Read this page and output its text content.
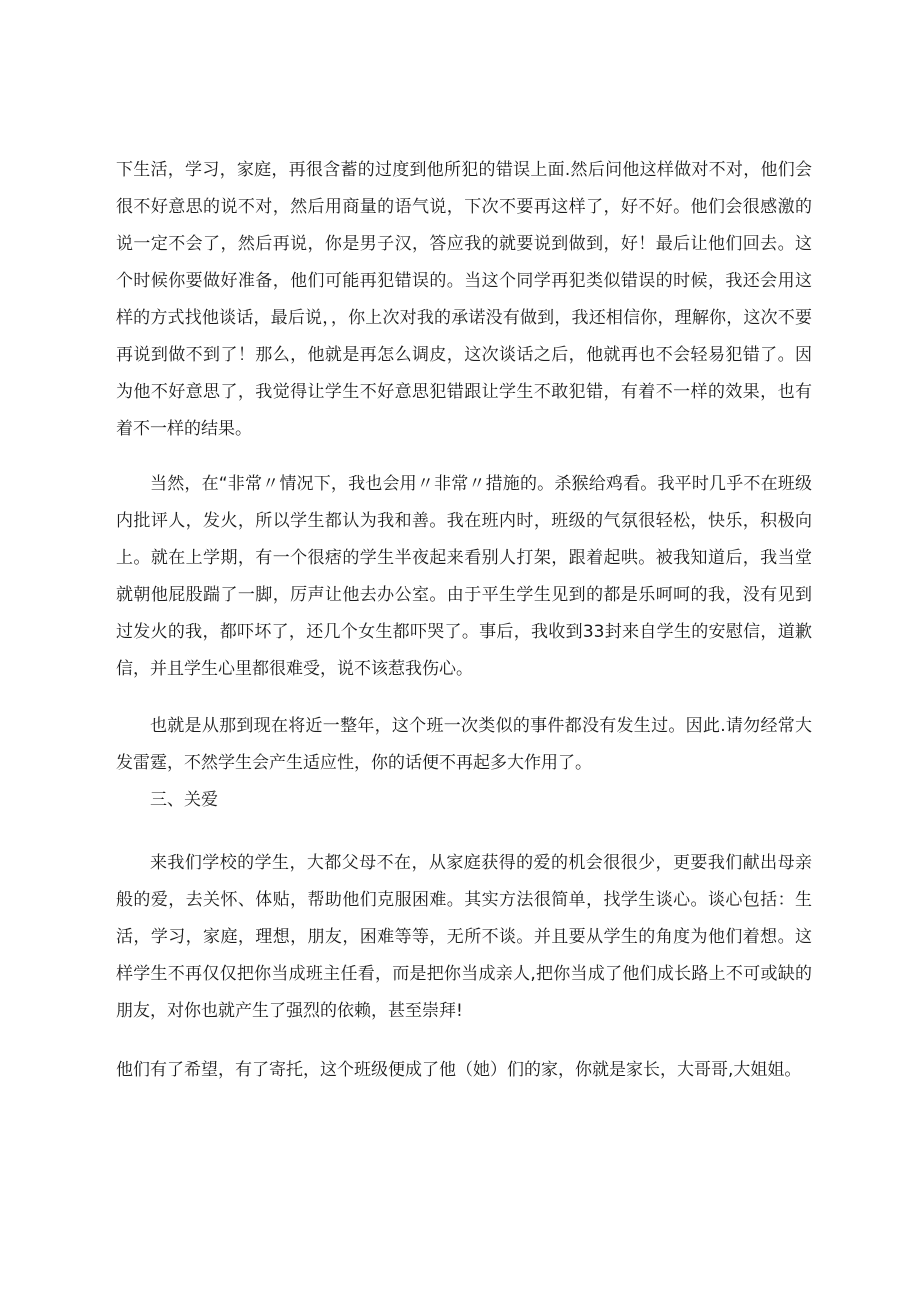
下生活，学习，家庭，再很含蓄的过度到他所犯的错误上面.然后问他这样做对不对，他们会很不好意思的说不对，然后用商量的语气说，下次不要再这样了，好不好。他们会很感激的说一定不会了，然后再说，你是男子汉，答应我的就要说到做到，好！最后让他们回去。这个时候你要做好准备，他们可能再犯错误的。当这个同学再犯类似错误的时候，我还会用这样的方式找他谈话，最后说，，你上次对我的承诺没有做到，我还相信你，理解你，这次不要再说到做不到了！那么，他就是再怎么调皮，这次谈话之后，他就再也不会轻易犯错了。因为他不好意思了，我觉得让学生不好意思犯错跟让学生不敢犯错，有着不一样的效果，也有着不一样的结果。

当然，在“非常〃情况下，我也会用〃非常〃措施的。杀猴给鸡看。我平时几乎不在班级内批评人，发火，所以学生都认为我和善。我在班内时，班级的气氛很轻松，快乐，积极向上。就在上学期，有一个很痞的学生半夜起来看别人打架，跟着起哄。被我知道后，我当堂就朝他屁股踹了一脚，厉声让他去办公室。由于平生学生见到的都是乐呵呵的我，没有见到过发火的我，都吓坏了，还几个女生都吓哭了。事后，我收到33封来自学生的安慰信，道歉信，并且学生心里都很难受，说不该惹我伤心。

也就是从那到现在将近一整年，这个班一次类似的事件都没有发生过。因此.请勿经常大发雷霆，不然学生会产生适应性，你的话便不再起多大作用了。

三、关爱

来我们学校的学生，大都父母不在，从家庭获得的爱的机会很很少，更要我们献出母亲般的爱，去关怀、体贴，帮助他们克服困难。其实方法很简单，找学生谈心。谈心包括：生活，学习，家庭，理想，朋友，困难等等，无所不谈。并且要从学生的角度为他们着想。这样学生不再仅仅把你当成班主任看，而是把你当成亲人,把你当成了他们成长路上不可或缺的朋友，对你也就产生了强烈的依赖，甚至崇拜!

他们有了希望，有了寄托，这个班级便成了他（她）们的家，你就是家长，大哥哥,大姐姐。
